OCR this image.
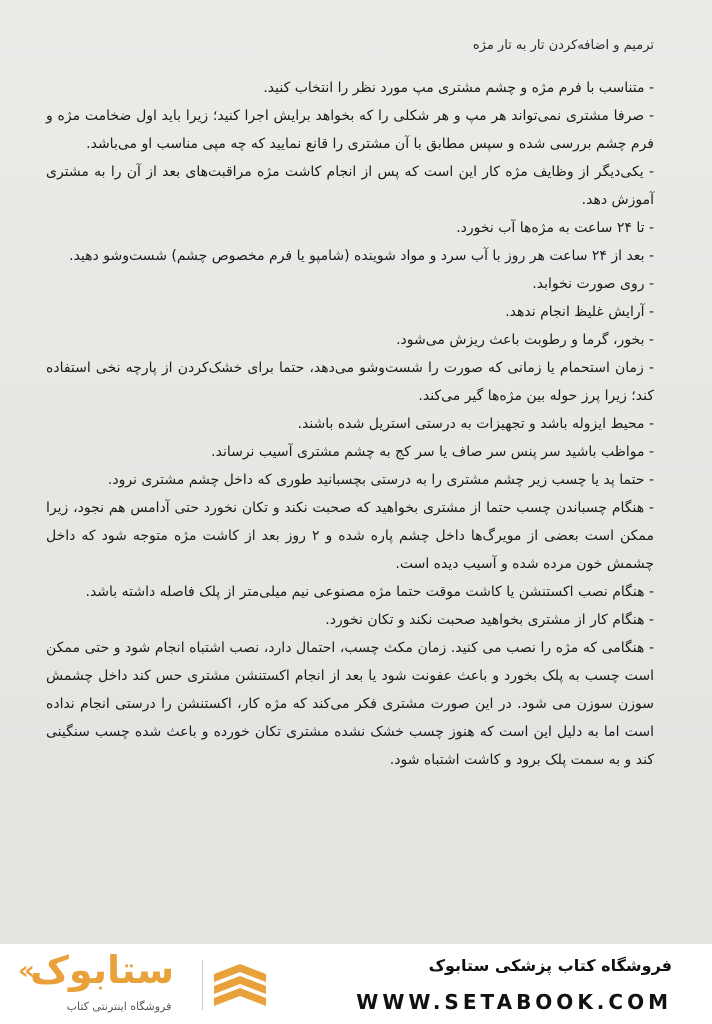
ترمیم و اضافه‌کردن تار به تار مژه

- متناسب با فرم مژه و چشم مشتری مپ مورد نظر را انتخاب کنید.

- صرفا مشتری نمی‌تواند هر مپ و هر شکلی را که بخواهد برایش اجرا کنید؛ زیرا باید اول ضخامت مژه و فرم چشم بررسی شده و سپس مطابق با آن مشتری را قانع نمایید که چه مپی مناسب او می‌باشد.

- یکی‌دیگر از وظایف مژه کار این است که پس از انجام کاشت مژه مراقبت‌های بعد از آن را به مشتری آموزش دهد.

- تا ۲۴ ساعت به مژه‌ها آب نخورد.

- بعد از ۲۴ ساعت هر روز با آب سرد و مواد شوینده (شامپو یا فرم مخصوص چشم) شست‌وشو دهید.

- روی صورت نخوابد.

- آرایش غلیظ انجام ندهد.

- بخور، گرما و رطوبت باعث ریزش می‌شود.

- زمان استحمام یا زمانی که صورت را شست‌وشو می‌دهد، حتما برای خشک‌کردن از پارچه نخی استفاده کند؛ زیرا پرز حوله بین مژه‌ها گیر می‌کند.

- محیط ایزوله باشد و تجهیزات به درستی استریل شده باشند.

- مواظب باشید سر پنس سر صاف یا سر کج به چشم مشتری آسیب نرساند.

- حتما پد یا چسب زیر چشم مشتری را به درستی بچسبانید طوری که داخل چشم مشتری نرود.

- هنگام چسباندن چسب حتما از مشتری بخواهید که صحبت نکند و تکان نخورد حتی آدامس هم نجود، زیرا ممکن است بعضی از مویرگ‌ها داخل چشم پاره شده و ۲ روز بعد از کاشت مژه متوجه شود که داخل چشمش خون مرده شده و آسیب دیده است.

- هنگام نصب اکستنشن یا کاشت موقت حتما مژه مصنوعی نیم میلی‌متر از پلک فاصله داشته باشد.

- هنگام کار از مشتری بخواهید صحبت نکند و تکان نخورد.

- هنگامی که مژه را نصب می کنید. زمان مکث چسب، احتمال دارد، نصب اشتباه انجام شود و حتی ممکن است چسب به پلک بخورد و باعث عفونت شود یا بعد از انجام اکستنشن مشتری حس کند داخل چشمش سوزن سوزن می شود. در این صورت مشتری فکر می‌کند که مژه کار، اکستنشن را درستی انجام نداده است اما به دلیل این است که هنوز چسب خشک نشده مشتری تکان خورده و باعث شده چسب سنگینی کند و به سمت پلک برود و کاشت اشتباه شود.

«
ستابوک
فروشگاه اینترنتی کتاب
فروشگاه کتاب پزشکی ستابوک
WWW.SETABOOK.COM
